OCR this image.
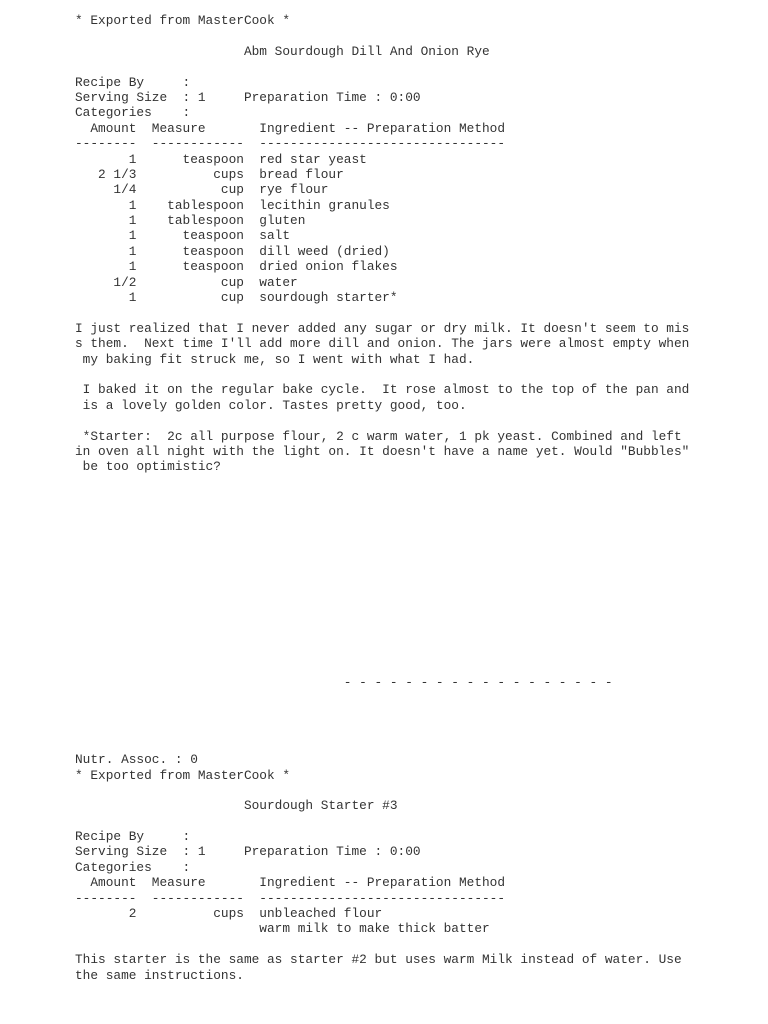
* Exported from MasterCook *
Abm Sourdough Dill And Onion Rye
Recipe By     :
Serving Size  : 1     Preparation Time : 0:00
Categories    :
Amount  Measure       Ingredient -- Preparation Method
--------  ------------  --------------------------------
1      teaspoon  red star yeast
2 1/3          cups  bread flour
1/4           cup  rye flour
1    tablespoon  lecithin granules
1    tablespoon  gluten
1      teaspoon  salt
1      teaspoon  dill weed (dried)
1      teaspoon  dried onion flakes
1/2           cup  water
1           cup  sourdough starter*
I just realized that I never added any sugar or dry milk. It doesn't seem to mis
s them.  Next time I'll add more dill and onion. The jars were almost empty when
my baking fit struck me, so I went with what I had.
I baked it on the regular bake cycle.  It rose almost to the top of the pan and
is a lovely golden color. Tastes pretty good, too.
*Starter:  2c all purpose flour, 2 c warm water, 1 pk yeast. Combined and left
in oven all night with the light on. It doesn't have a name yet. Would "Bubbles"
be too optimistic?
- - - - - - - - - - - - - - - - - -
Nutr. Assoc. : 0
* Exported from MasterCook *
Sourdough Starter #3
Recipe By     :
Serving Size  : 1     Preparation Time : 0:00
Categories    :
Amount  Measure       Ingredient -- Preparation Method
--------  ------------  --------------------------------
2          cups  unbleached flour
warm milk to make thick batter
This starter is the same as starter #2 but uses warm Milk instead of water. Use
the same instructions.
